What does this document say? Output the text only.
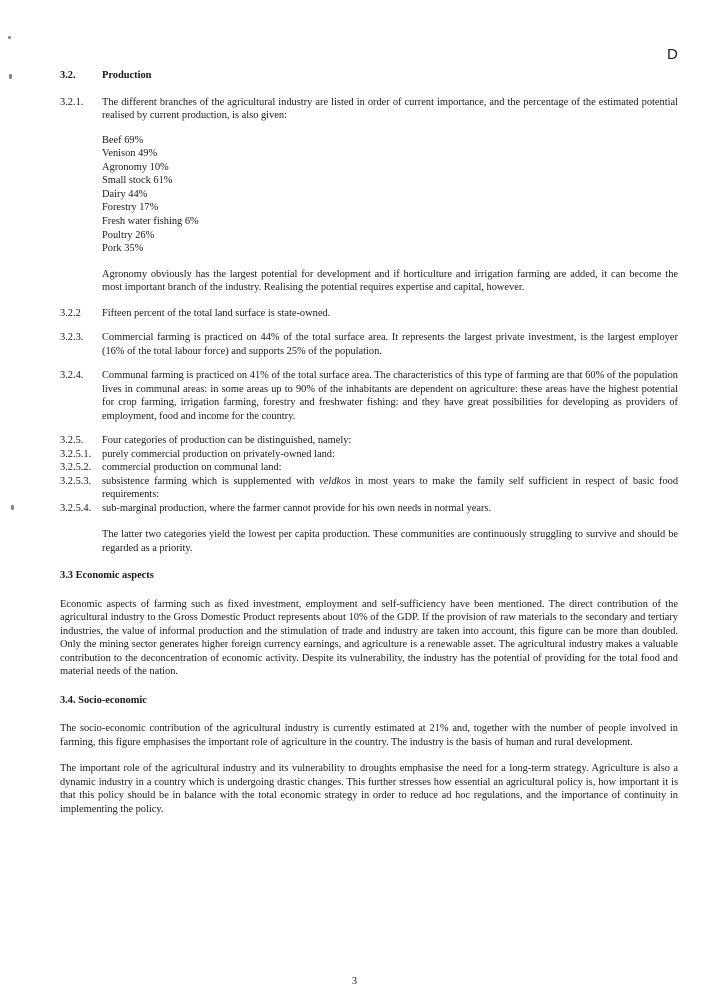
D
3.2.	Production
3.2.1.	The different branches of the agricultural industry are listed in order of current importance, and the percentage of the estimated potential realised by current production, is also given:
Beef 69%
Venison 49%
Agronomy 10%
Small stock 61%
Dairy 44%
Forestry 17%
Fresh water fishing 6%
Poultry 26%
Pork 35%
Agronomy obviously has the largest potential for development and if horticulture and irrigation farming are added, it can become the most important branch of the industry. Realising the potential requires expertise and capital, however.
3.2.2	Fifteen percent of the total land surface is state-owned.
3.2.3.	Commercial farming is practiced on 44% of the total surface area. It represents the largest private investment, is the largest employer (16% of the total labour force) and supports 25% of the population.
3.2.4.	Communal farming is practiced on 41% of the total surface area. The characteristics of this type of farming are that 60% of the population lives in communal areas: in some areas up to 90% of the inhabitants are dependent on agriculture: these areas have the highest potential for crop farming, irrigation farming, forestry and freshwater fishing: and they have great possibilities for developing as providers of employment, food and income for the country.
3.2.5.	Four categories of production can be distinguished, namely:
3.2.5.1.	purely commercial production on privately-owned land:
3.2.5.2.	commercial production on communal land:
3.2.5.3.	subsistence farming which is supplemented with veldkos in most years to make the family self sufficient in respect of basic food requirements:
3.2.5.4.	sub-marginal production, where the farmer cannot provide for his own needs in normal years.
The latter two categories yield the lowest per capita production. These communities are continuously struggling to survive and should be regarded as a priority.
3.3 Economic aspects
Economic aspects of farming such as fixed investment, employment and self-sufficiency have been mentioned. The direct contribution of the agricultural industry to the Gross Domestic Product represents about 10% of the GDP. If the provision of raw materials to the secondary and tertiary industries, the value of informal production and the stimulation of trade and industry are taken into account, this figure can be more than doubled. Only the mining sector generates higher foreign currency earnings, and agriculture is a renewable asset. The agricultural industry makes a valuable contribution to the deconcentration of economic activity. Despite its vulnerability, the industry has the potential of providing for the total food and material needs of the nation.
3.4. Socio-economic
The socio-economic contribution of the agricultural industry is currently estimated at 21% and, together with the number of people involved in farming, this figure emphasises the important role of agriculture in the country. The industry is the basis of human and rural development.
The important role of the agricultural industry and its vulnerability to droughts emphasise the need for a long-term strategy. Agriculture is also a dynamic industry in a country which is undergoing drastic changes. This further stresses how essential an agricultural policy is, how important it is that this policy should be in balance with the total economic strategy in order to reduce ad hoc regulations, and the importance of continuity in implementing the policy.
3
